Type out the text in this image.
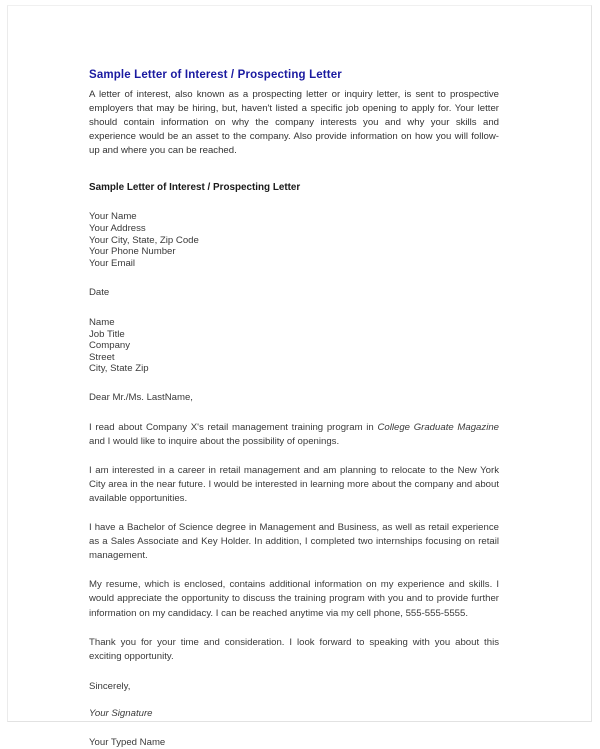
Sample Letter of Interest / Prospecting Letter

A letter of interest, also known as a prospecting letter or inquiry letter, is sent to prospective employers that may be hiring, but, haven't listed a specific job opening to apply for. Your letter should contain information on why the company interests you and why your skills and experience would be an asset to the company. Also provide information on how you will follow-up and where you can be reached.

Sample Letter of Interest / Prospecting Letter
Your Name
Your Address
Your City, State, Zip Code
Your Phone Number
Your Email
Date
Name
Job Title
Company
Street
City, State Zip
Dear Mr./Ms. LastName,

I read about Company X's retail management training program in College Graduate Magazine and I would like to inquire about the possibility of openings.

I am interested in a career in retail management and am planning to relocate to the New York City area in the near future. I would be interested in learning more about the company and about available opportunities.

I have a Bachelor of Science degree in Management and Business, as well as retail experience as a Sales Associate and Key Holder. In addition, I completed two internships focusing on retail management.

My resume, which is enclosed, contains additional information on my experience and skills. I would appreciate the opportunity to discuss the training program with you and to provide further information on my candidacy. I can be reached anytime via my cell phone, 555-555-5555.

Thank you for your time and consideration. I look forward to speaking with you about this exciting opportunity.

Sincerely,
Your Signature
Your Typed Name
